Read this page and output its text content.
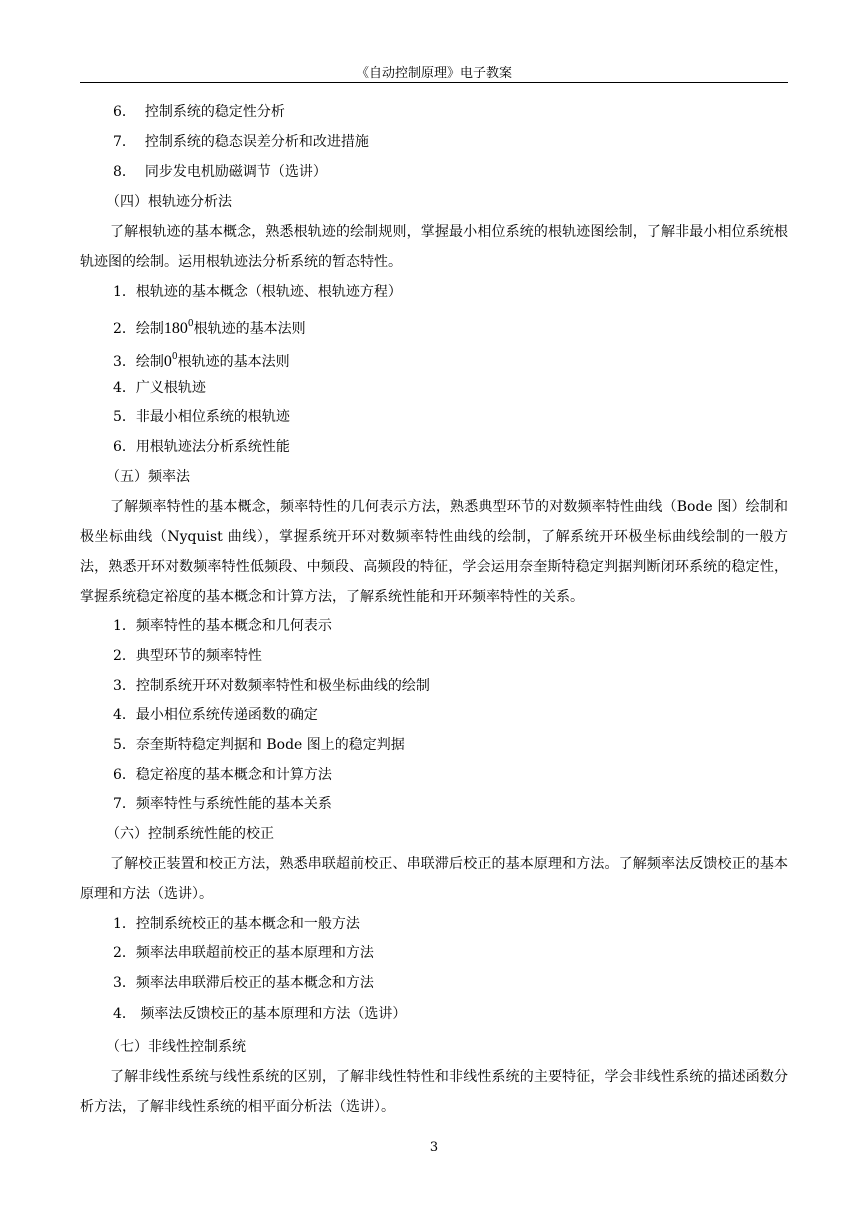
《自动控制原理》电子教案
6． 控制系统的稳定性分析
7． 控制系统的稳态误差分析和改进措施
8． 同步发电机励磁调节（选讲）
（四）根轨迹分析法
了解根轨迹的基本概念，熟悉根轨迹的绘制规则，掌握最小相位系统的根轨迹图绘制，了解非最小相位系统根轨迹图的绘制。运用根轨迹法分析系统的暂态特性。
1．根轨迹的基本概念（根轨迹、根轨迹方程）
2．绘制$180^0$根轨迹的基本法则
3．绘制$0^0$根轨迹的基本法则
4．广义根轨迹
5．非最小相位系统的根轨迹
6．用根轨迹法分析系统性能
（五）频率法
了解频率特性的基本概念，频率特性的几何表示方法，熟悉典型环节的对数频率特性曲线（Bode 图）绘制和极坐标曲线（Nyquist 曲线），掌握系统开环对数频率特性曲线的绘制，了解系统开环极坐标曲线绘制的一般方法，熟悉开环对数频率特性低频段、中频段、高频段的特征，学会运用奈奎斯特稳定判据判断闭环系统的稳定性，掌握系统稳定裕度的基本概念和计算方法，了解系统性能和开环频率特性的关系。
1．频率特性的基本概念和几何表示
2．典型环节的频率特性
3．控制系统开环对数频率特性和极坐标曲线的绘制
4．最小相位系统传递函数的确定
5．奈奎斯特稳定判据和 Bode 图上的稳定判据
6．稳定裕度的基本概念和计算方法
7．频率特性与系统性能的基本关系
（六）控制系统性能的校正
了解校正装置和校正方法，熟悉串联超前校正、串联滞后校正的基本原理和方法。了解频率法反馈校正的基本原理和方法（选讲）。
1．控制系统校正的基本概念和一般方法
2．频率法串联超前校正的基本原理和方法
3．频率法串联滞后校正的基本概念和方法
4． 频率法反馈校正的基本原理和方法（选讲）
（七）非线性控制系统
了解非线性系统与线性系统的区别，了解非线性特性和非线性系统的主要特征，学会非线性系统的描述函数分析方法，了解非线性系统的相平面分析法（选讲）。
3
